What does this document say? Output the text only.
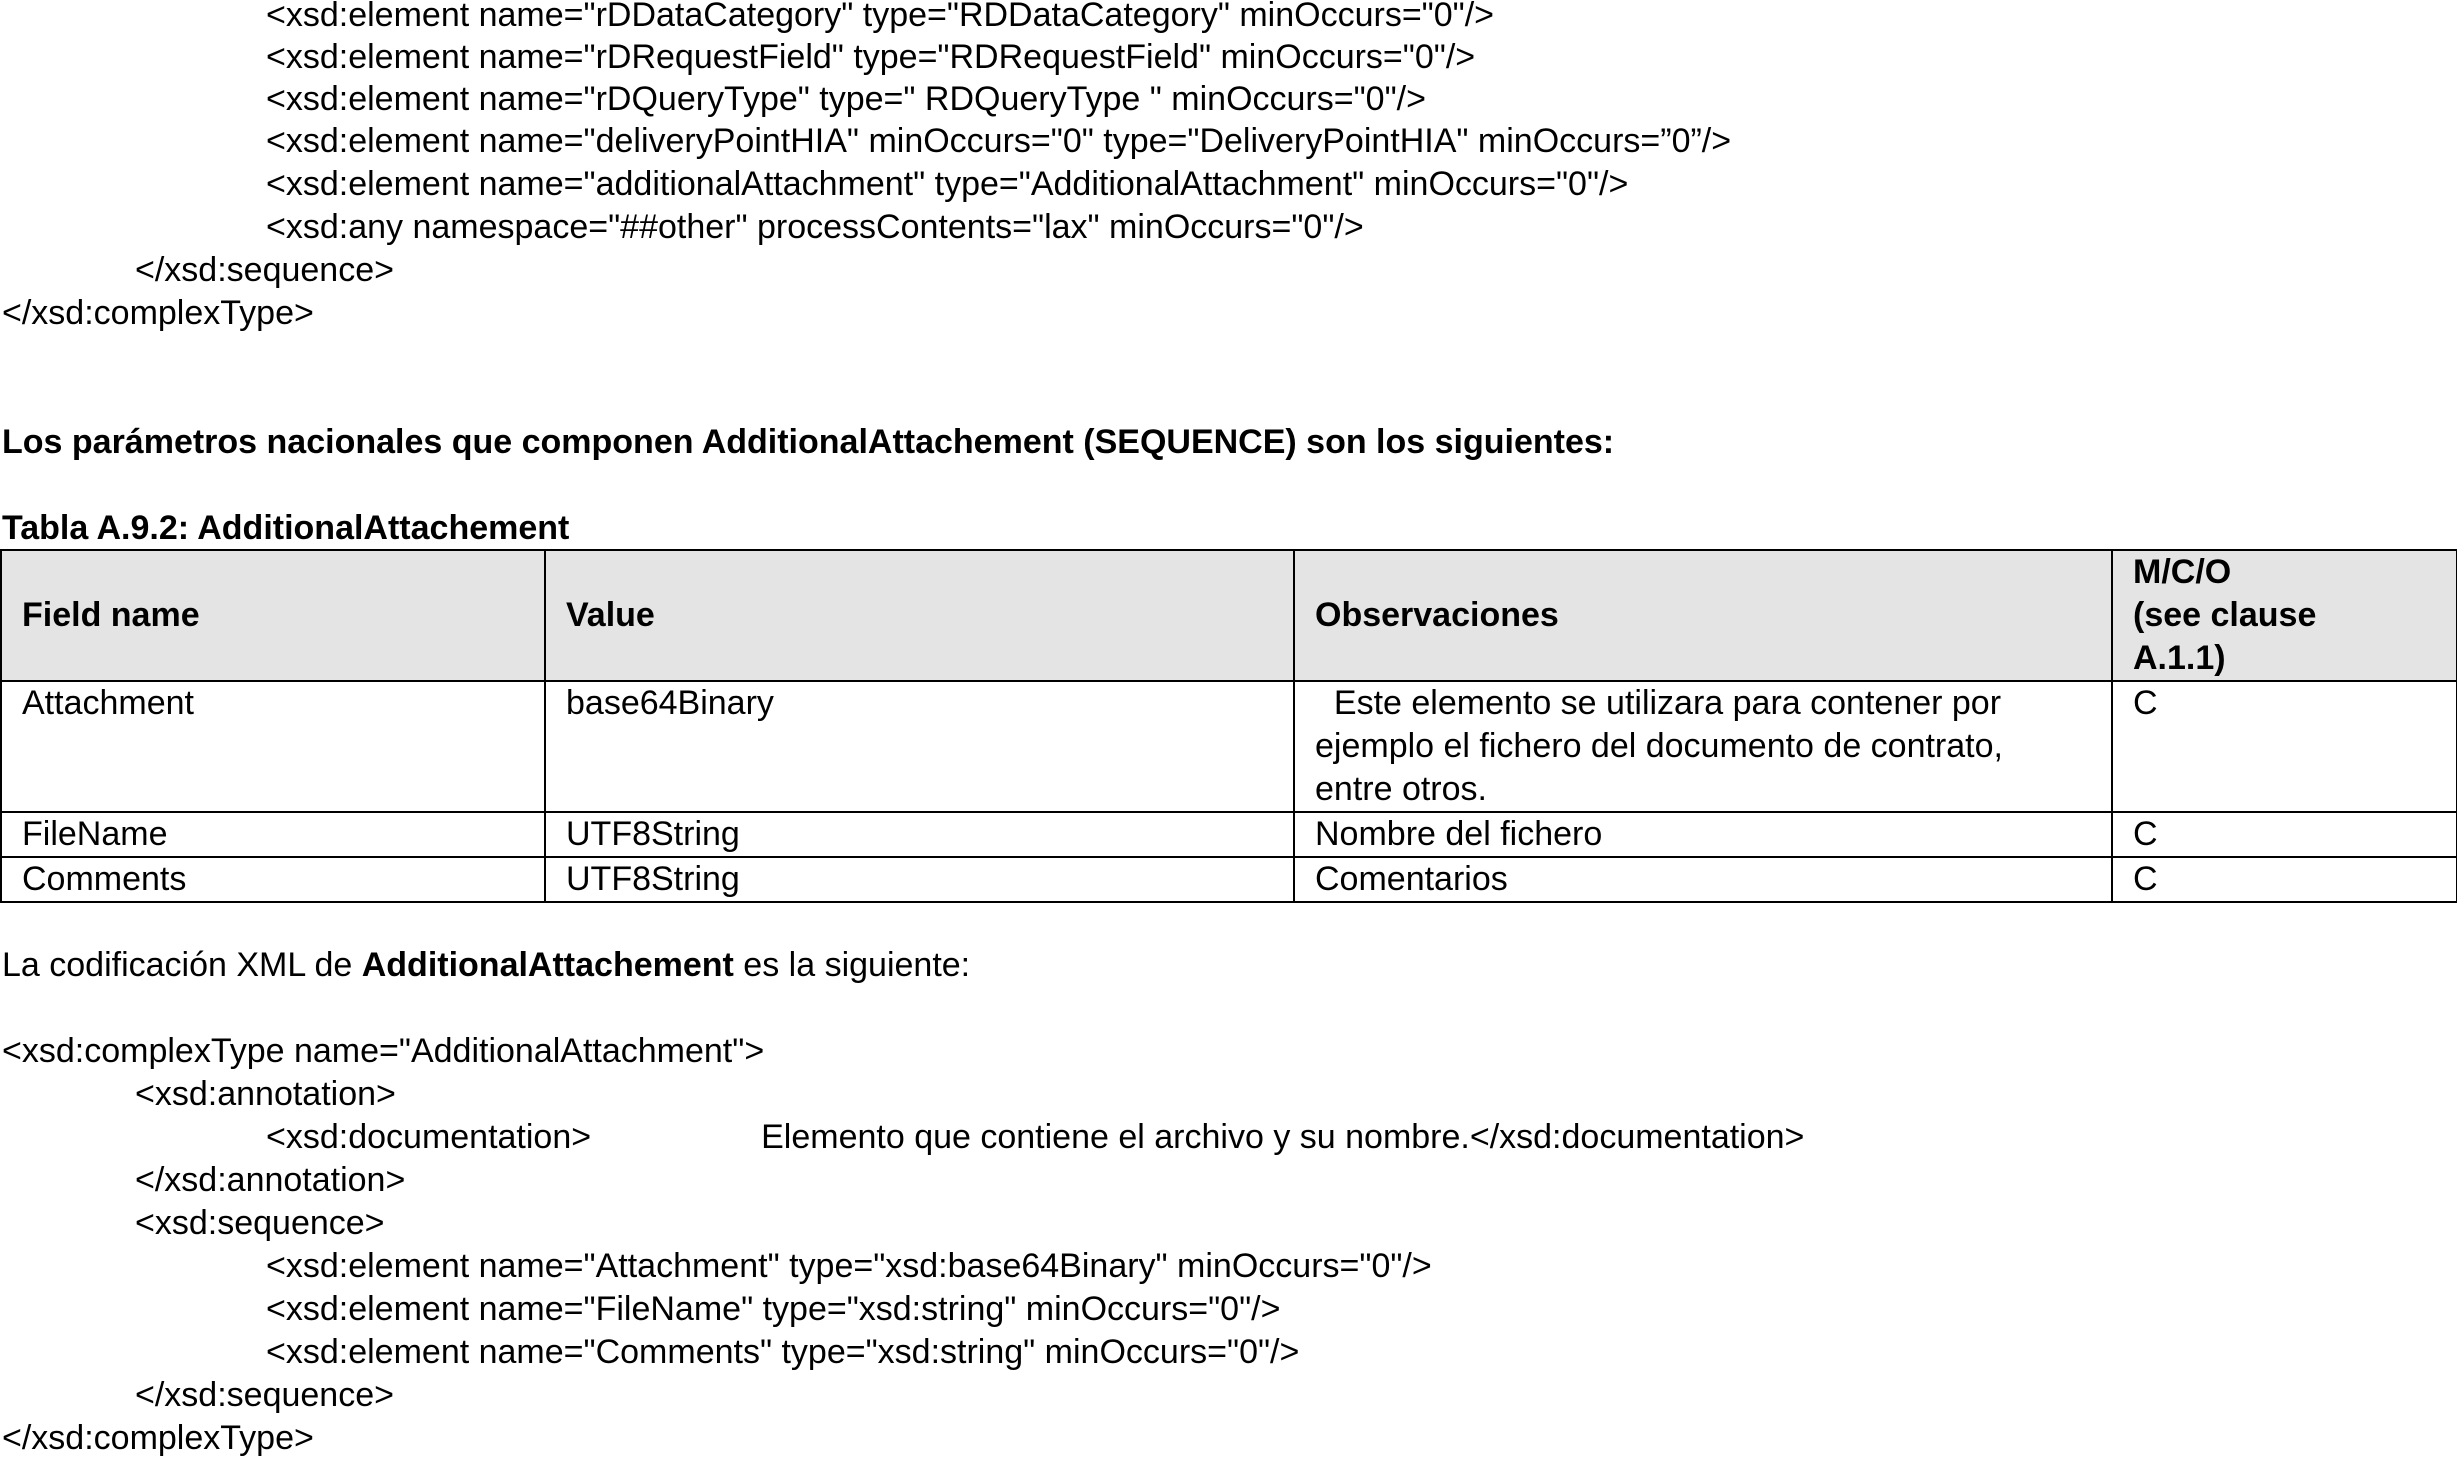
<xsd:element name="rDDataCategory" type="RDDataCategory" minOccurs="0"/>

<xsd:element name="rDRequestField" type="RDRequestField" minOccurs="0"/>

<xsd:element name="rDQueryType" type=" RDQueryType " minOccurs="0"/>

<xsd:element name="deliveryPointHIA" minOccurs="0" type="DeliveryPointHIA" minOccurs=”0”/>

<xsd:element name="additionalAttachment" type="AdditionalAttachment" minOccurs="0"/>

<xsd:any namespace="##other" processContents="lax" minOccurs="0"/>

</xsd:sequence>

</xsd:complexType>

Los parámetros nacionales que componen AdditionalAttachement (SEQUENCE) son los siguientes:

Tabla A.9.2: AdditionalAttachement

Field name	Value	Observaciones	M/C/O
(see clause
A.1.1)

Attachment	base64Binary	Este elemento se utilizara para contener por
ejemplo el fichero del documento de contrato,
entre otros.	C
FileName	UTF8String	Nombre del fichero	C
Comments	UTF8String	Comentarios	C

La codificación XML de AdditionalAttachement es la siguiente:

<xsd:complexType name="AdditionalAttachment">

<xsd:annotation>

<xsd:documentation>	Elemento que contiene el archivo y su nombre.</xsd:documentation>

</xsd:annotation>

<xsd:sequence>

<xsd:element name="Attachment" type="xsd:base64Binary" minOccurs="0"/>

<xsd:element name="FileName" type="xsd:string" minOccurs="0"/>

<xsd:element name="Comments" type="xsd:string" minOccurs="0"/>

</xsd:sequence>

</xsd:complexType>
